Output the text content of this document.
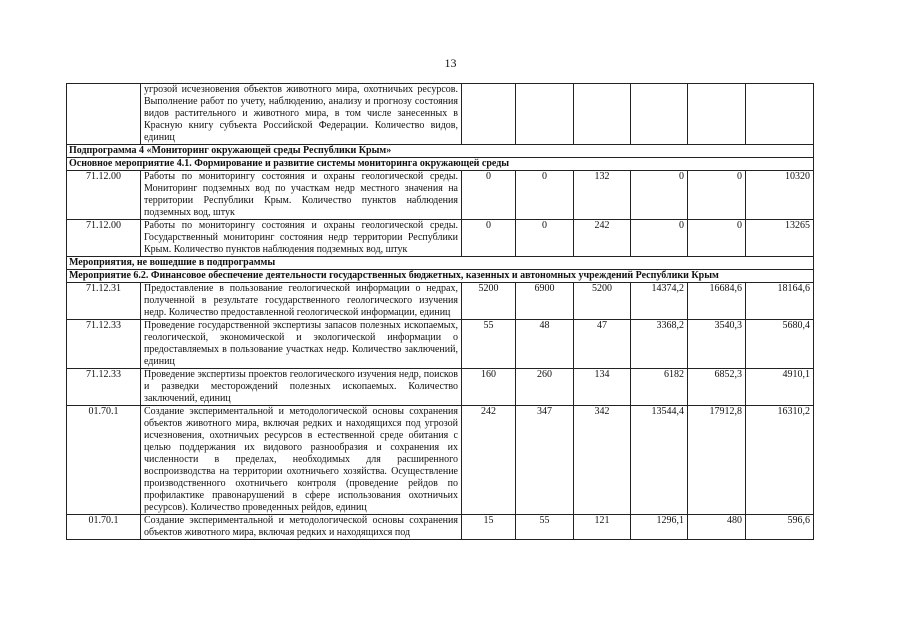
13
	угрозой исчезновения объектов животного мира, охотничьих ресурсов. Выполнение работ по учету, наблюдению, анализу и прогнозу состояния видов растительного и животного мира, в том числе занесенных в Красную книгу субъекта Российской Федерации. Количество видов, единиц						
Подпрограмма 4 «Мониторинг окружающей среды Республики Крым»							
Основное мероприятие 4.1. Формирование и развитие системы мониторинга окружающей среды							
71.12.00	Работы по мониторингу состояния и охраны геологической среды. Мониторинг подземных вод по участкам недр местного значения на территории Республики Крым. Количество пунктов наблюдения подземных вод, штук	0	0	132	0	0	10320
71.12.00	Работы по мониторингу состояния и охраны геологической среды. Государственный мониторинг состояния недр территории Республики Крым. Количество пунктов наблюдения подземных вод, штук	0	0	242	0	0	13265
Мероприятия, не вошедшие в подпрограммы							
Мероприятие 6.2. Финансовое обеспечение деятельности государственных бюджетных, казенных и автономных учреждений Республики Крым							
71.12.31	Предоставление в пользование геологической информации о недрах, полученной в результате государственного геологического изучения недр. Количество предоставленной геологической информации, единиц	5200	6900	5200	14374,2	16684,6	18164,6
71.12.33	Проведение государственной экспертизы запасов полезных ископаемых, геологической, экономической и экологической информации о предоставляемых в пользование участках недр. Количество заключений, единиц	55	48	47	3368,2	3540,3	5680,4
71.12.33	Проведение экспертизы проектов геологического изучения недр, поисков и разведки месторождений полезных ископаемых. Количество заключений, единиц	160	260	134	6182	6852,3	4910,1
01.70.1	Создание экспериментальной и методологической основы сохранения объектов животного мира, включая редких и находящихся под угрозой исчезновения, охотничьих ресурсов в естественной среде обитания с целью поддержания их видового разнообразия и сохранения их численности в пределах, необходимых для расширенного воспроизводства на территории охотничьего хозяйства. Осуществление производственного охотничьего контроля (проведение рейдов по профилактике правонарушений в сфере использования охотничьих ресурсов). Количество проведенных рейдов, единиц	242	347	342	13544,4	17912,8	16310,2
01.70.1	Создание экспериментальной и методологической основы сохранения объектов животного мира, включая редких и находящихся под	15	55	121	1296,1	480	596,6
